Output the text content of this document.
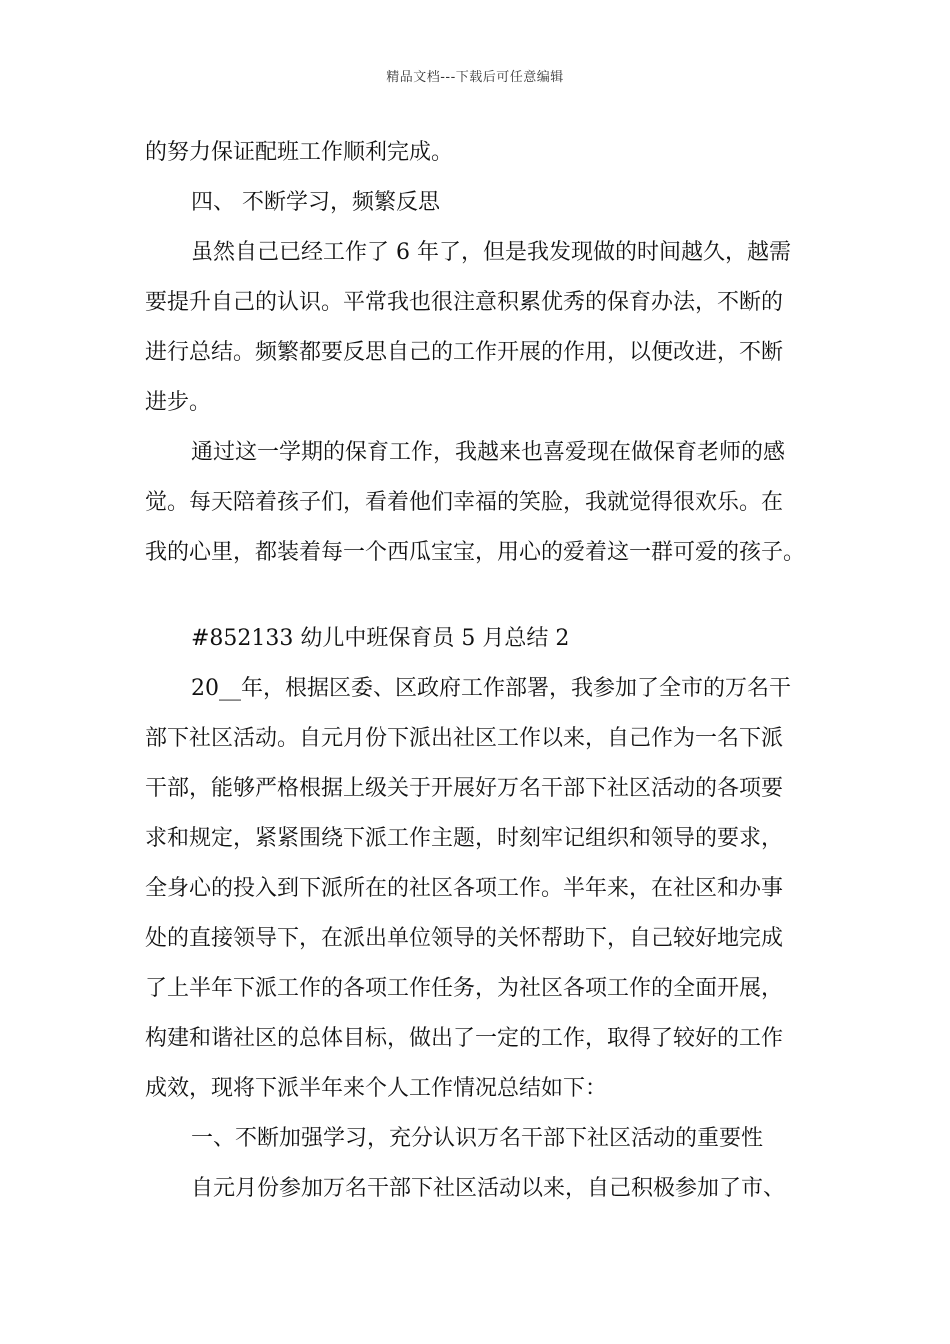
精品文档---下载后可任意编辑
的努力保证配班工作顺利完成。
四、 不断学习，频繁反思
虽然自己已经工作了 6 年了，但是我发现做的时间越久，越需
要提升自己的认识。平常我也很注意积累优秀的保育办法，不断的
进行总结。频繁都要反思自己的工作开展的作用，以便改进，不断
进步。
通过这一学期的保育工作，我越来也喜爱现在做保育老师的感
觉。每天陪着孩子们，看着他们幸福的笑脸，我就觉得很欢乐。在
我的心里，都装着每一个西瓜宝宝，用心的爱着这一群可爱的孩子。
#852133 幼儿中班保育员 5 月总结 2
20__年，根据区委、区政府工作部署，我参加了全市的万名干
部下社区活动。自元月份下派出社区工作以来，自己作为一名下派
干部，能够严格根据上级关于开展好万名干部下社区活动的各项要
求和规定，紧紧围绕下派工作主题，时刻牢记组织和领导的要求，
全身心的投入到下派所在的社区各项工作。半年来，在社区和办事
处的直接领导下，在派出单位领导的关怀帮助下，自己较好地完成
了上半年下派工作的各项工作任务，为社区各项工作的全面开展，
构建和谐社区的总体目标，做出了一定的工作，取得了较好的工作
成效，现将下派半年来个人工作情况总结如下：
一、不断加强学习，充分认识万名干部下社区活动的重要性
自元月份参加万名干部下社区活动以来，自己积极参加了市、
